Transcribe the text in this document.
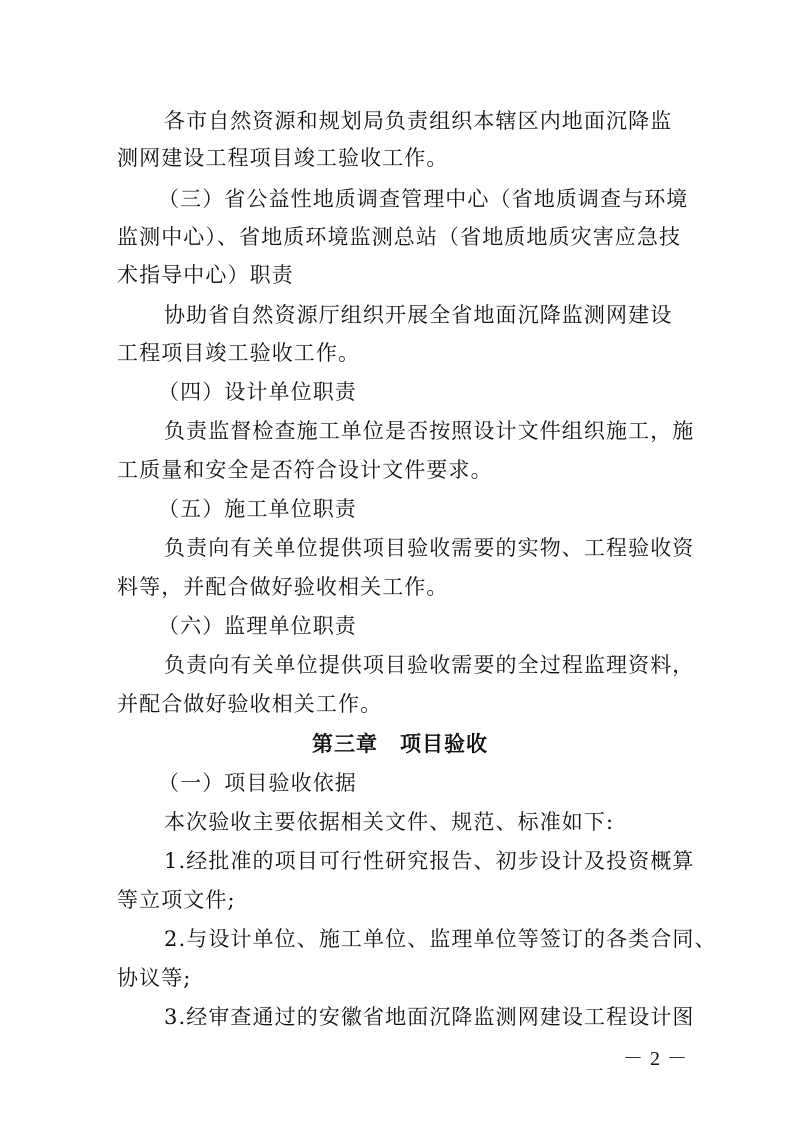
各市自然资源和规划局负责组织本辖区内地面沉降监
测网建设工程项目竣工验收工作。
（三）省公益性地质调查管理中心（省地质调查与环境
监测中心）、省地质环境监测总站（省地质地质灾害应急技
术指导中心）职责
协助省自然资源厅组织开展全省地面沉降监测网建设
工程项目竣工验收工作。
（四）设计单位职责
负责监督检查施工单位是否按照设计文件组织施工，施
工质量和安全是否符合设计文件要求。
（五）施工单位职责
负责向有关单位提供项目验收需要的实物、工程验收资
料等，并配合做好验收相关工作。
（六）监理单位职责
负责向有关单位提供项目验收需要的全过程监理资料，
并配合做好验收相关工作。
第三章　项目验收
（一）项目验收依据
本次验收主要依据相关文件、规范、标准如下:
1.经批准的项目可行性研究报告、初步设计及投资概算
等立项文件;
2.与设计单位、施工单位、监理单位等签订的各类合同、
协议等;
3.经审查通过的安徽省地面沉降监测网建设工程设计图
－ 2 －
